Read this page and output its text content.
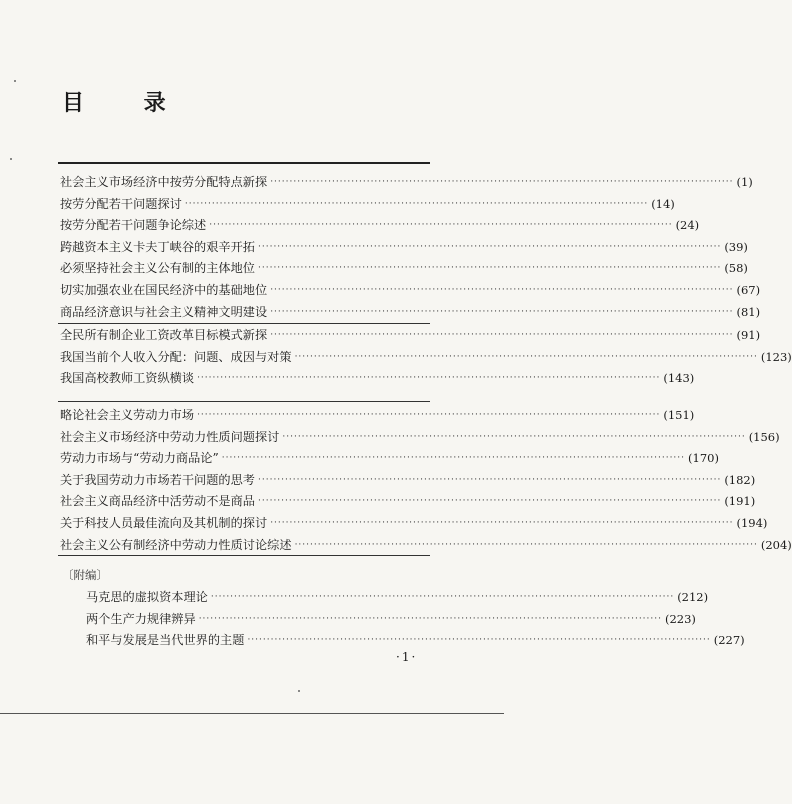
目 录
社会主义市场经济中按劳分配特点新探 ························································································································ (1)
按劳分配若干问题探讨 ························································································································ (14)
按劳分配若干问题争论综述 ························································································································ (24)
跨越资本主义卡夫丁峡谷的艰辛开拓 ························································································································ (39)
必须坚持社会主义公有制的主体地位 ························································································································ (58)
切实加强农业在国民经济中的基础地位 ························································································································ (67)
商品经济意识与社会主义精神文明建设 ························································································································ (81)
全民所有制企业工资改革目标模式新探 ························································································································ (91)
我国当前个人收入分配：问题、成因与对策 ························································································································ (123)
我国高校教师工资纵横谈 ························································································································ (143)
略论社会主义劳动力市场 ························································································································ (151)
社会主义市场经济中劳动力性质问题探讨 ························································································································ (156)
劳动力市场与“劳动力商品论” ························································································································ (170)
关于我国劳动力市场若干问题的思考 ························································································································ (182)
社会主义商品经济中活劳动不是商品 ························································································································ (191)
关于科技人员最佳流向及其机制的探讨 ························································································································ (194)
社会主义公有制经济中劳动力性质讨论综述 ························································································································ (204)
〔附编〕
马克思的虚拟资本理论 ························································································································ (212)
两个生产力规律辨异 ························································································································ (223)
和平与发展是当代世界的主题 ························································································································ (227)
·1·
